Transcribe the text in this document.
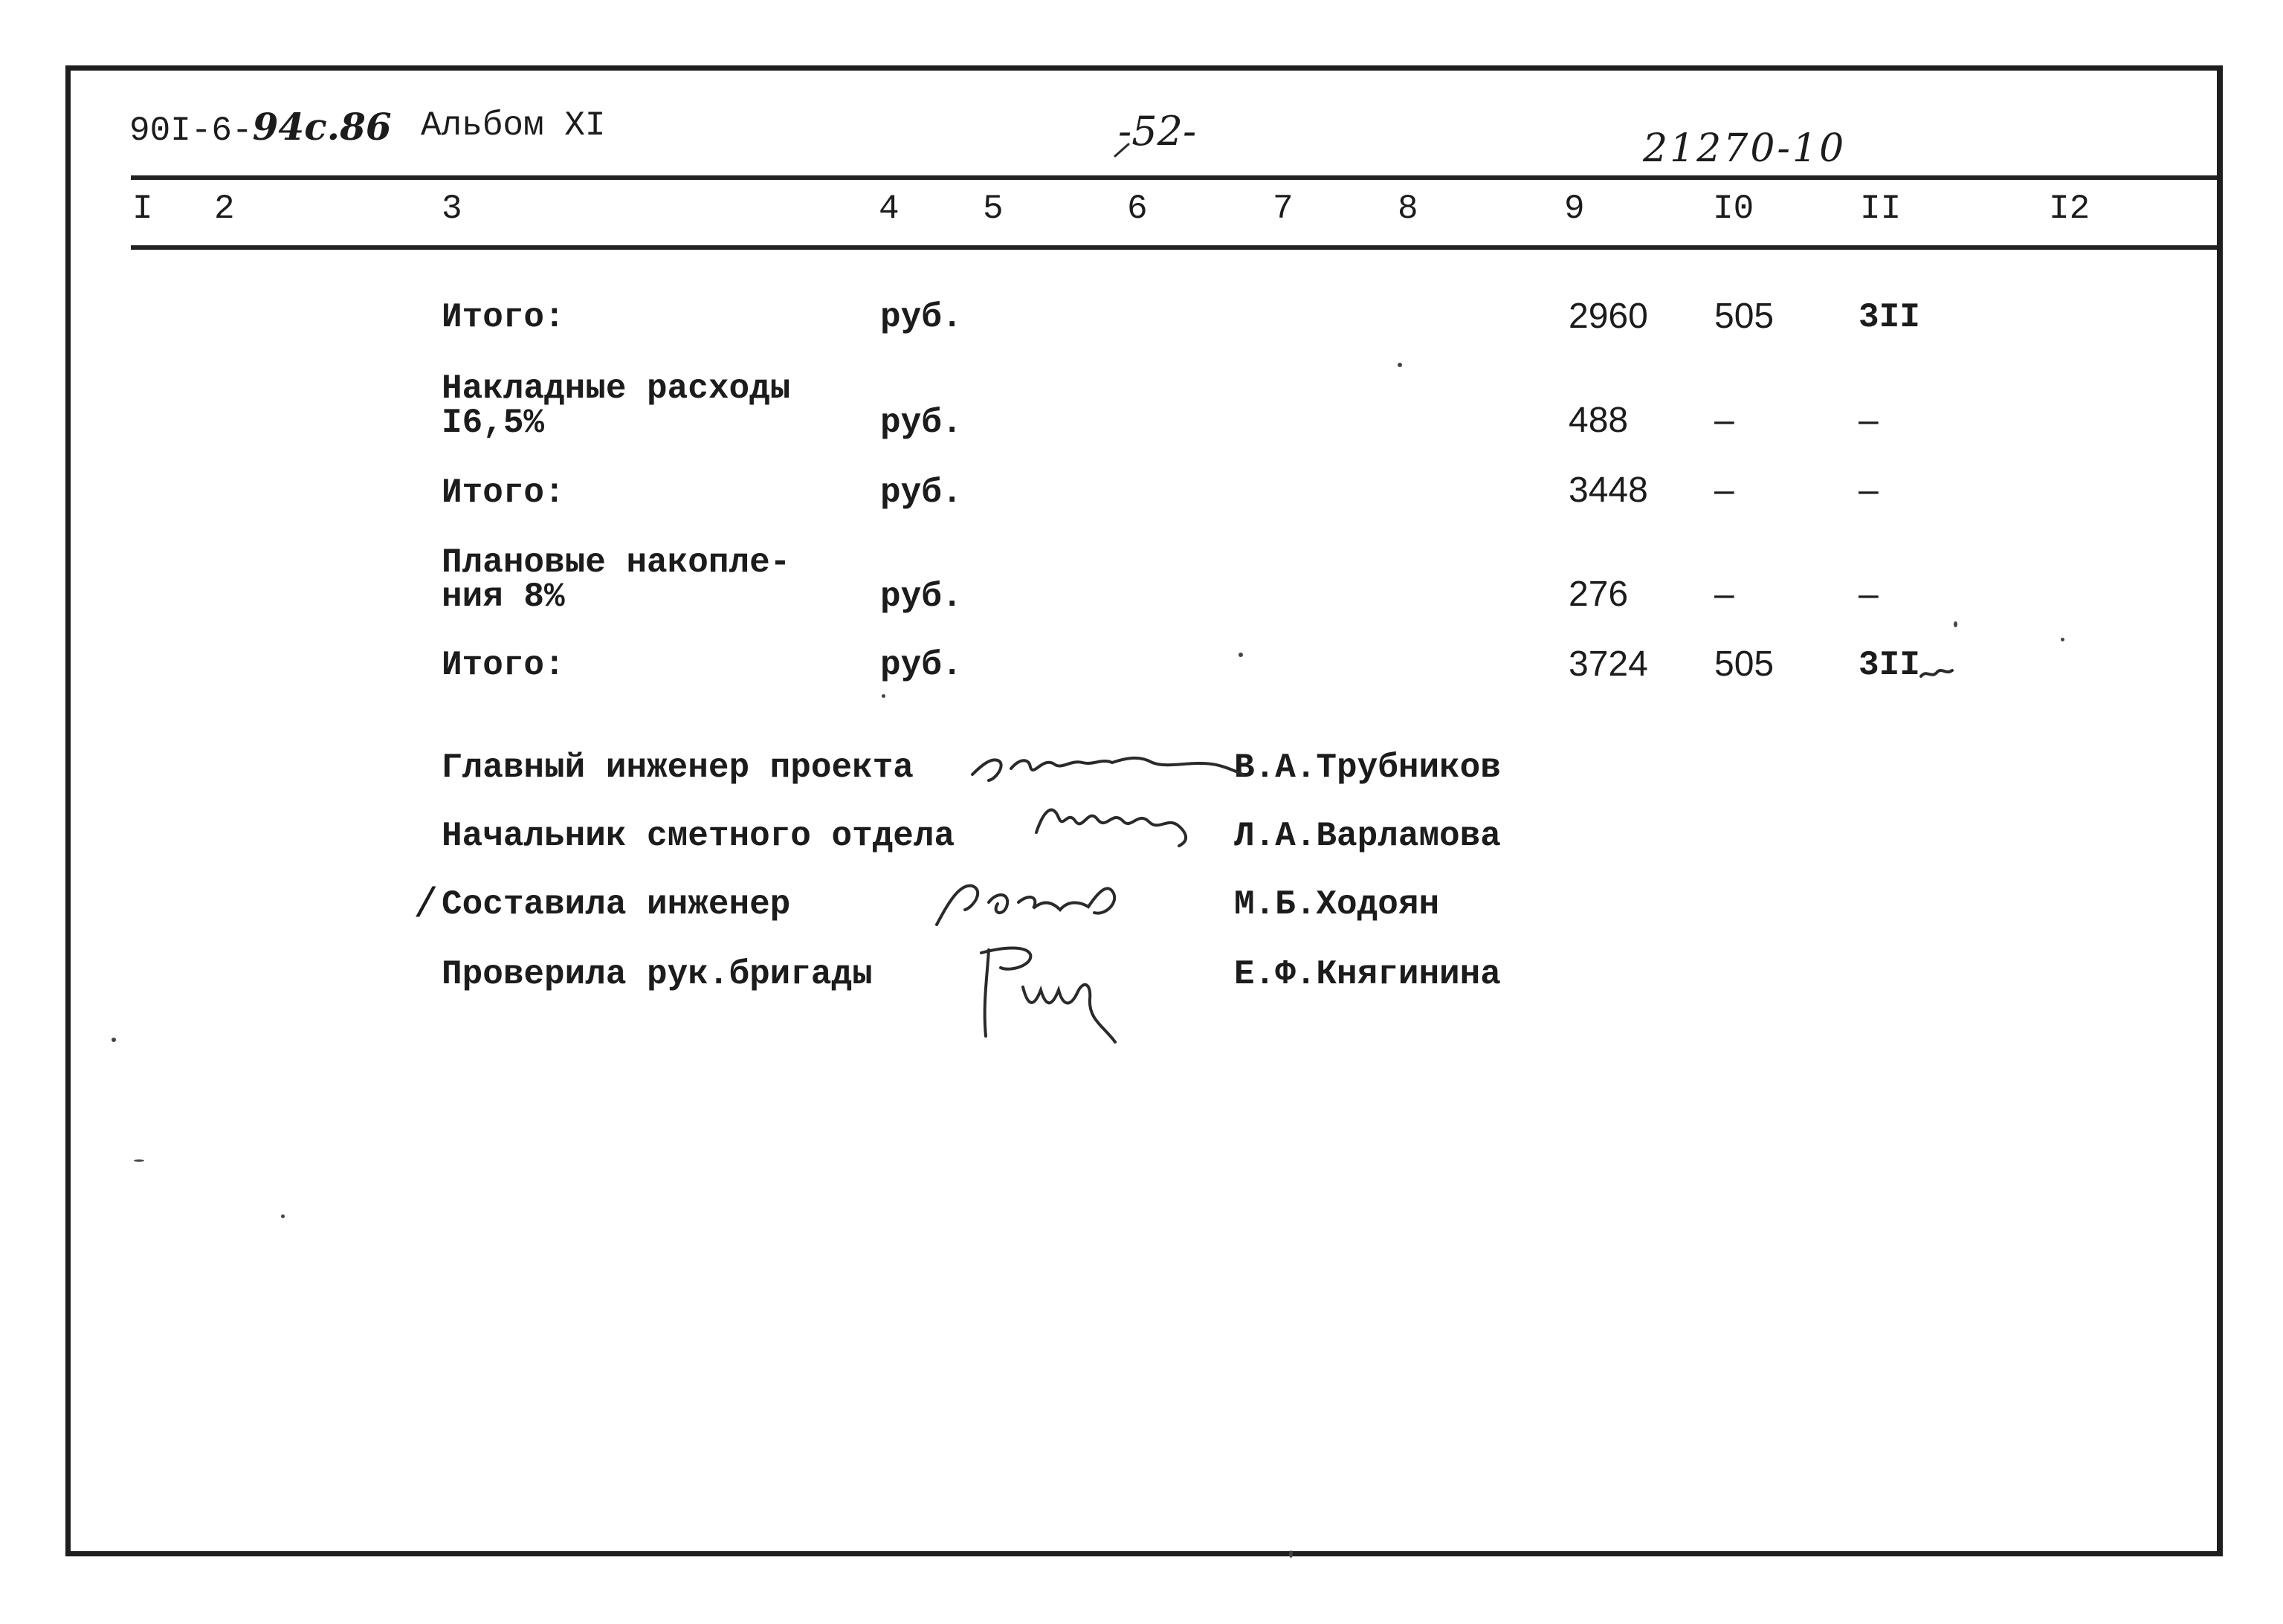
90I-6-94с.86 Альбом XI	-52-	21270-10
I 2	3	4 5	6	7	8	9	I0	II	I2
Итого:	руб.	2960 505 3II
Накладные расходы
I6,5%	руб.	488 –	–
Итого:	руб.	3448 –	–
Плановые накопле-
ния 8%	руб.	276 –	–
Итого:	руб.	3724 505 3II
Главный инженер проекта	В.А.Трубников
Начальник сметного отдела	Л.А.Варламова
/ Составила инженер	М.Б.Ходоян
Проверила рук.бригады	Е.Ф.Княгинина
